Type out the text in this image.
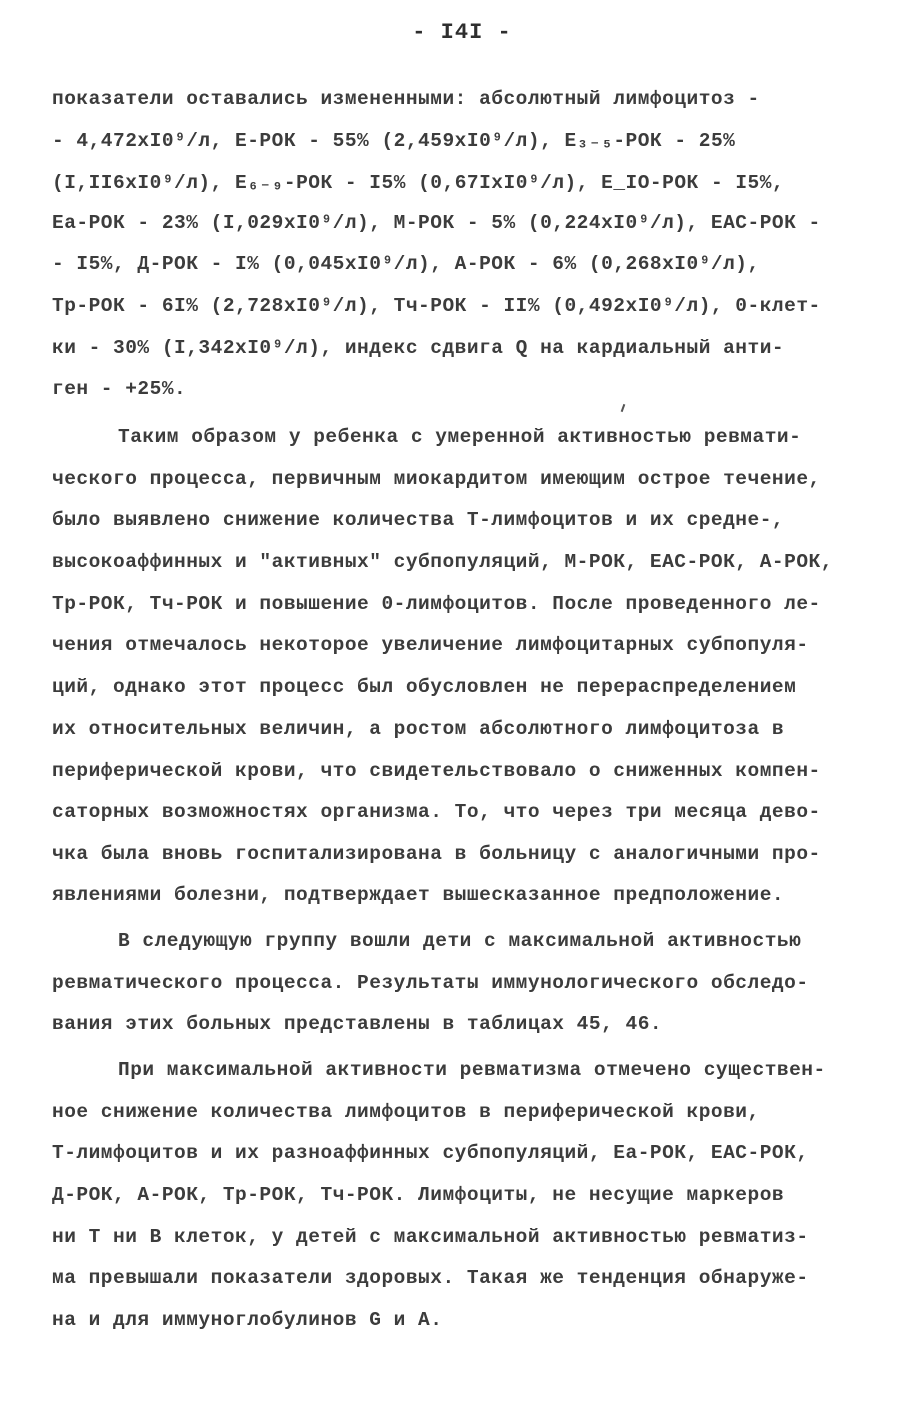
- I4I -
показатели оставались измененными: абсолютный лимфоцитоз -
- 4,472xI0⁹/л, Е-РОК - 55% (2,459xI0⁹/л), E₃₋₅-РОК - 25%
(I,II6xI0⁹/л), E₆₋₉-РОК - I5% (0,67IxI0⁹/л), E_IO-РОК - I5%,
Eа-РОК - 23% (I,029xI0⁹/л), М-РОК - 5% (0,224xI0⁹/л), ЕАС-РОК -
- I5%, Д-РОК - I% (0,045xI0⁹/л), А-РОК - 6% (0,268xI0⁹/л),
Tр-РОК - 6I% (2,728xI0⁹/л), Tч-РОК - II% (0,492xI0⁹/л), 0-клет-
ки - 30% (I,342xI0⁹/л), индекс сдвига Q на кардиальный анти-
ген - +25%.
Таким образом у ребенка с умеренной активностью ревмати-
ческого процесса, первичным миокардитом имеющим острое течение,
было выявлено снижение количества Т-лимфоцитов и их средне-,
высокоаффинных и "активных" субпопуляций, М-РОК, ЕАС-РОК, А-РОК,
Tр-РОК, Tч-РОК и повышение 0-лимфоцитов. После проведенного ле-
чения отмечалось некоторое увеличение лимфоцитарных субпопуля-
ций, однако этот процесс был обусловлен не перераспределением
их относительных величин, а ростом абсолютного лимфоцитоза в
периферической крови, что свидетельствовало о сниженных компен-
саторных возможностях организма. То, что через три месяца дево-
чка была вновь госпитализирована в больницу с аналогичными про-
явлениями болезни, подтверждает вышесказанное предположение.
В следующую группу вошли дети с максимальной активностью
ревматического процесса. Результаты иммунологического обследо-
вания этих больных представлены в таблицах 45, 46.
При максимальной активности ревматизма отмечено существен-
ное снижение количества лимфоцитов в периферической крови,
Т-лимфоцитов и их разноаффинных субпопуляций, Eа-РОК, ЕАС-РОК,
Д-РОК, А-РОК, Tр-РОК, Tч-РОК. Лимфоциты, не несущие маркеров
ни Т ни В клеток, у детей с максимальной активностью ревматиз-
ма превышали показатели здоровых. Такая же тенденция обнаруже-
на и для иммуноглобулинов G и А.
